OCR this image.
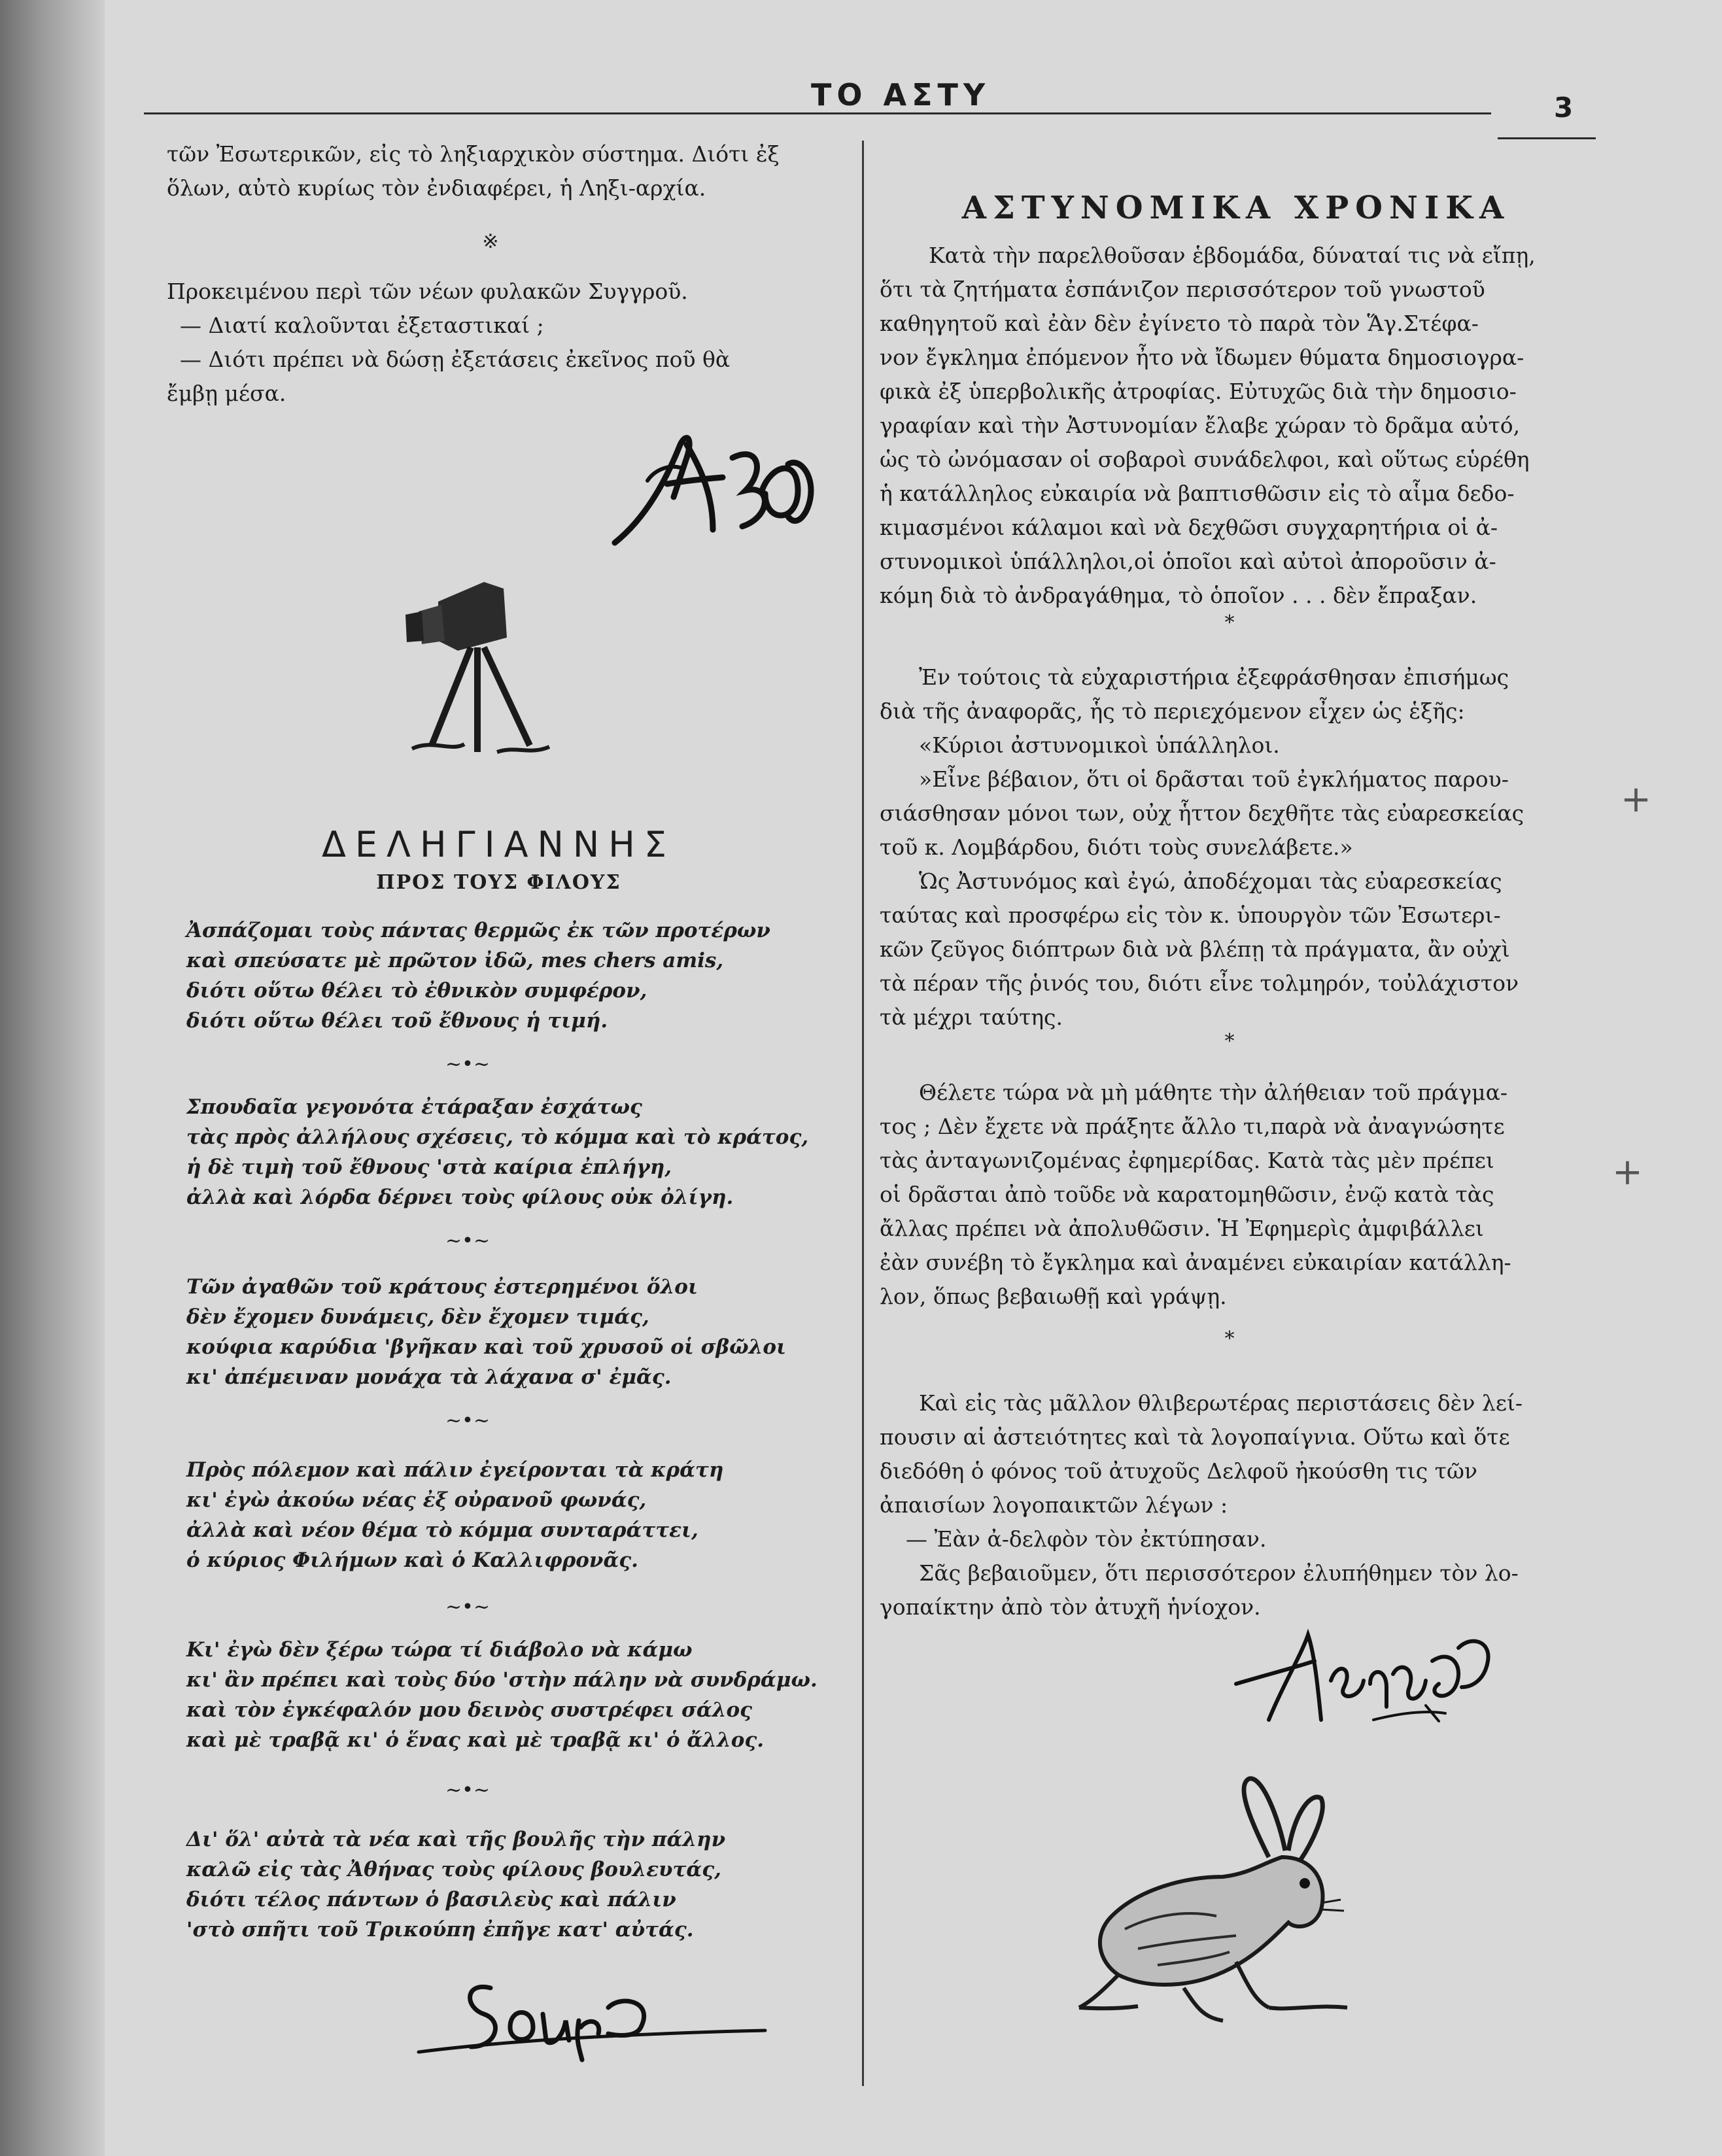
ΤΟ ΑΣΤΥ	3

τῶν Ἐσωτερικῶν, εἰς τὸ ληξιαρχικὸν σύστημα. Διότι ἐξ

ὅλων, αὐτὸ κυρίως τὸν ἐνδιαφέρει, ἡ Ληξι-αρχία.

※

Προκειμένου περὶ τῶν νέων φυλακῶν Συγγροῦ.

— Διατί καλοῦνται ἐξεταστικαί ;

— Διότι πρέπει νὰ δώσῃ ἐξετάσεις ἐκεῖνος ποῦ θὰ

ἔμβῃ μέσα.

ΔΕΛΗΓΙΑΝΝΗΣ
ΠΡΟΣ ΤΟΥΣ ΦΙΛΟΥΣ

Ἀσπάζομαι τοὺς πάντας θερμῶς ἐκ τῶν προτέρων

καὶ σπεύσατε μὲ πρῶτον ἰδῶ, mes chers amis,

διότι οὕτω θέλει τὸ ἐθνικὸν συμφέρον,

διότι οὕτω θέλει τοῦ ἔθνους ἡ τιμή.

~•~

Σπουδαῖα γεγονότα ἐτάραξαν ἐσχάτως

τὰς πρὸς ἀλλήλους σχέσεις, τὸ κόμμα καὶ τὸ κράτος,

ἡ δὲ τιμὴ τοῦ ἔθνους 'στὰ καίρια ἐπλήγη,

ἀλλὰ καὶ λόρδα δέρνει τοὺς φίλους οὐκ ὀλίγη.

~•~

Τῶν ἀγαθῶν τοῦ κράτους ἐστερημένοι ὅλοι

δὲν ἔχομεν δυνάμεις, δὲν ἔχομεν τιμάς,

κούφια καρύδια 'βγῆκαν καὶ τοῦ χρυσοῦ οἱ σβῶλοι

κι' ἀπέμειναν μονάχα τὰ λάχανα σ' ἐμᾶς.

~•~

Πρὸς πόλεμον καὶ πάλιν ἐγείρονται τὰ κράτη

κι' ἐγὼ ἀκούω νέας ἐξ οὐρανοῦ φωνάς,

ἀλλὰ καὶ νέον θέμα τὸ κόμμα συνταράττει,

ὁ κύριος Φιλήμων καὶ ὁ Καλλιφρονᾶς.

~•~

Κι' ἐγὼ δὲν ξέρω τώρα τί διάβολο νὰ κάμω

κι' ἂν πρέπει καὶ τοὺς δύο 'στὴν πάλην νὰ συνδράμω.

καὶ τὸν ἐγκέφαλόν μου δεινὸς συστρέφει σάλος

καὶ μὲ τραβᾷ κι' ὁ ἕνας καὶ μὲ τραβᾷ κι' ὁ ἄλλος.

~•~

Δι' ὅλ' αὐτὰ τὰ νέα καὶ τῆς βουλῆς τὴν πάλην

καλῶ εἰς τὰς Ἀθήνας τοὺς φίλους βουλευτάς,

διότι τέλος πάντων ὁ βασιλεὺς καὶ πάλιν

'στὸ σπῆτι τοῦ Τρικούπη ἐπῆγε κατ' αὐτάς.

ΑΣΤΥΝΟΜΙΚΑ ΧΡΟΝΙΚΑ

Κατὰ τὴν παρελθοῦσαν ἑβδομάδα, δύναταί τις νὰ εἴπῃ,

ὅτι τὰ ζητήματα ἐσπάνιζον περισσότερον τοῦ γνωστοῦ

καθηγητοῦ καὶ ἐὰν δὲν ἐγίνετο τὸ παρὰ τὸν Ἅγ.Στέφα-

νον ἔγκλημα ἐπόμενον ἦτο νὰ ἴδωμεν θύματα δημοσιογρα-

φικὰ ἐξ ὑπερβολικῆς ἀτροφίας. Εὐτυχῶς διὰ τὴν δημοσιο-

γραφίαν καὶ τὴν Ἀστυνομίαν ἔλαβε χώραν τὸ δρᾶμα αὐτό,

ὡς τὸ ὠνόμασαν οἱ σοβαροὶ συνάδελφοι, καὶ οὕτως εὑρέθη

ἡ κατάλληλος εὐκαιρία νὰ βαπτισθῶσιν εἰς τὸ αἷμα δεδο-

κιμασμένοι κάλαμοι καὶ νὰ δεχθῶσι συγχαρητήρια οἱ ἀ-

στυνομικοὶ ὑπάλληλοι,οἱ ὁποῖοι καὶ αὐτοὶ ἀποροῦσιν ἀ-

κόμη διὰ τὸ ἀνδραγάθημα, τὸ ὁποῖον . . . δὲν ἔπραξαν.

*

Ἐν τούτοις τὰ εὐχαριστήρια ἐξεφράσθησαν ἐπισήμως

διὰ τῆς ἀναφορᾶς, ἧς τὸ περιεχόμενον εἶχεν ὡς ἑξῆς:

«Κύριοι ἀστυνομικοὶ ὑπάλληλοι.

»Εἶνε βέβαιον, ὅτι οἱ δρᾶσται τοῦ ἐγκλήματος παρου-

σιάσθησαν μόνοι των, οὐχ ἧττον δεχθῆτε τὰς εὐαρεσκείας

τοῦ κ. Λομβάρδου, διότι τοὺς συνελάβετε.»

Ὡς Ἀστυνόμος καὶ ἐγώ, ἀποδέχομαι τὰς εὐαρεσκείας

ταύτας καὶ προσφέρω εἰς τὸν κ. ὑπουργὸν τῶν Ἐσωτερι-

κῶν ζεῦγος διόπτρων διὰ νὰ βλέπῃ τὰ πράγματα, ἂν οὐχὶ

τὰ πέραν τῆς ῥινός του, διότι εἶνε τολμηρόν, τοὐλάχιστον

τὰ μέχρι ταύτης.

*

Θέλετε τώρα νὰ μὴ μάθητε τὴν ἀλήθειαν τοῦ πράγμα-

τος ; Δὲν ἔχετε νὰ πράξητε ἄλλο τι,παρὰ νὰ ἀναγνώσητε

τὰς ἀνταγωνιζομένας ἐφημερίδας. Κατὰ τὰς μὲν πρέπει

οἱ δρᾶσται ἀπὸ τοῦδε νὰ καρατομηθῶσιν, ἐνῷ κατὰ τὰς

ἄλλας πρέπει νὰ ἀπολυθῶσιν. Ἡ Ἐφημερὶς ἀμφιβάλλει

ἐὰν συνέβη τὸ ἔγκλημα καὶ ἀναμένει εὐκαιρίαν κατάλλη-

λον, ὅπως βεβαιωθῇ καὶ γράψῃ.

*

Καὶ εἰς τὰς μᾶλλον θλιβερωτέρας περιστάσεις δὲν λεί-

πουσιν αἱ ἀστειότητες καὶ τὰ λογοπαίγνια. Οὕτω καὶ ὅτε

διεδόθη ὁ φόνος τοῦ ἀτυχοῦς Δελφοῦ ἠκούσθη τις τῶν

ἀπαισίων λογοπαικτῶν λέγων :

— Ἐὰν ἀ-δελφὸν τὸν ἐκτύπησαν.

Σᾶς βεβαιοῦμεν, ὅτι περισσότερον ἐλυπήθημεν τὸν λο-

γοπαίκτην ἀπὸ τὸν ἀτυχῆ ἡνίοχον.

+
+
